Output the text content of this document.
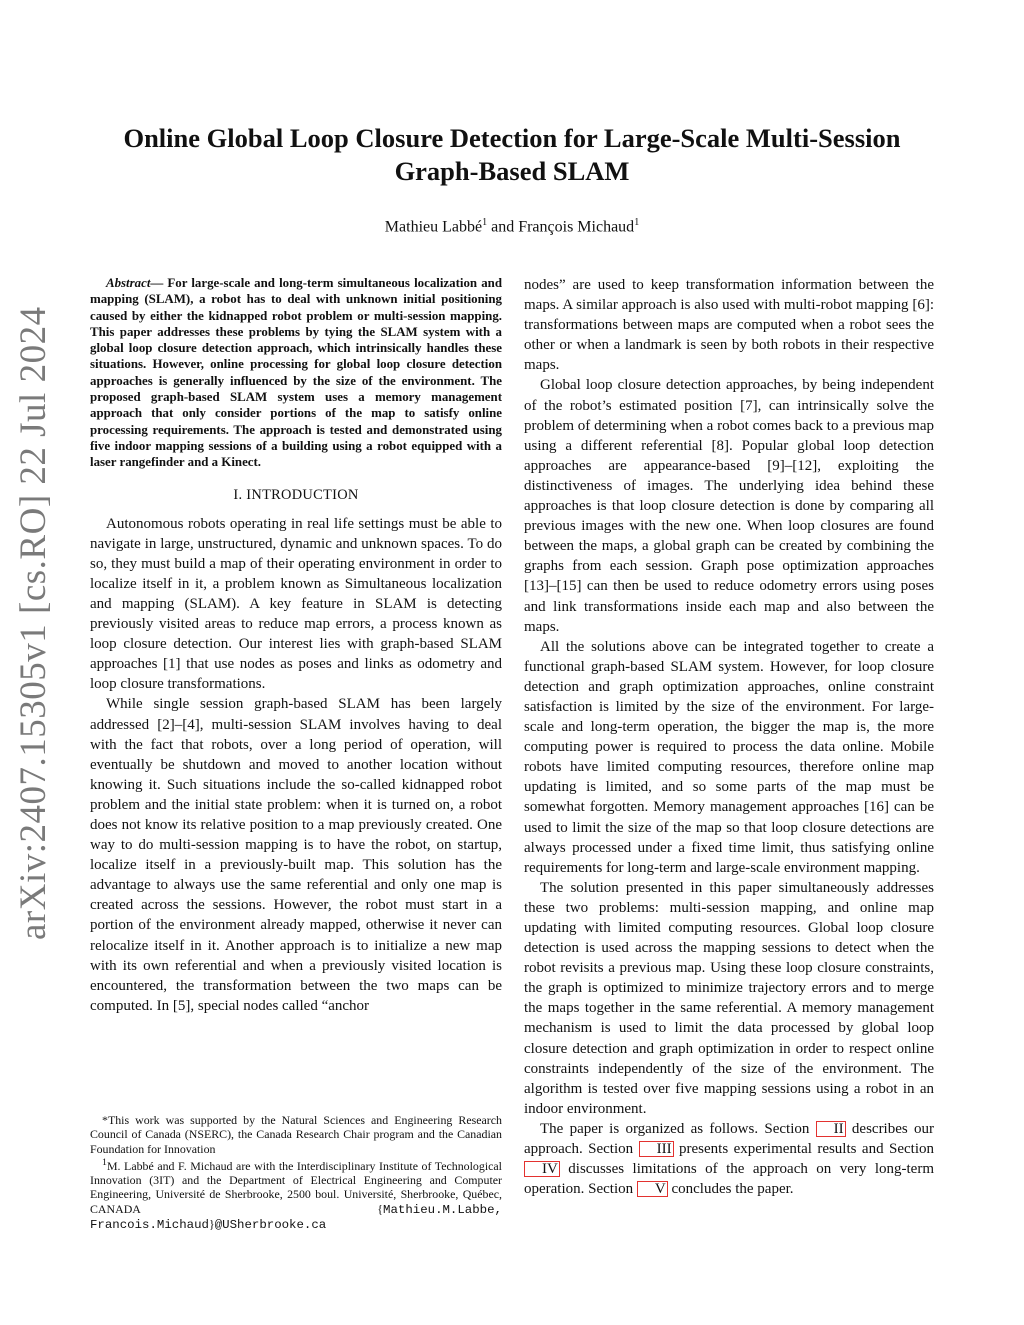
arXiv:2407.15305v1 [cs.RO] 22 Jul 2024
Online Global Loop Closure Detection for Large-Scale Multi-Session Graph-Based SLAM
Mathieu Labbé$^1$ and François Michaud$^1$

Abstract— For large-scale and long-term simultaneous localization and mapping (SLAM), a robot has to deal with unknown initial positioning caused by either the kidnapped robot problem or multi-session mapping. This paper addresses these problems by tying the SLAM system with a global loop closure detection approach, which intrinsically handles these situations. However, online processing for global loop closure detection approaches is generally influenced by the size of the environment. The proposed graph-based SLAM system uses a memory management approach that only consider portions of the map to satisfy online processing requirements. The approach is tested and demonstrated using five indoor mapping sessions of a building using a robot equipped with a laser rangefinder and a Kinect.

I. INTRODUCTION

Autonomous robots operating in real life settings must be able to navigate in large, unstructured, dynamic and unknown spaces. To do so, they must build a map of their operating environment in order to localize itself in it, a problem known as Simultaneous localization and mapping (SLAM). A key feature in SLAM is detecting previously visited areas to reduce map errors, a process known as loop closure detection. Our interest lies with graph-based SLAM approaches [1] that use nodes as poses and links as odometry and loop closure transformations.

While single session graph-based SLAM has been largely addressed [2]–[4], multi-session SLAM involves having to deal with the fact that robots, over a long period of operation, will eventually be shutdown and moved to another location without knowing it. Such situations include the so-called kidnapped robot problem and the initial state problem: when it is turned on, a robot does not know its relative position to a map previously created. One way to do multi-session mapping is to have the robot, on startup, localize itself in a previously-built map. This solution has the advantage to always use the same referential and only one map is created across the sessions. However, the robot must start in a portion of the environment already mapped, otherwise it never can relocalize itself in it. Another approach is to initialize a new map with its own referential and when a previously visited location is encountered, the transformation between the two maps can be computed. In [5], special nodes called “anchor

*This work was supported by the Natural Sciences and Engineering Research Council of Canada (NSERC), the Canada Research Chair program and the Canadian Foundation for Innovation

$^1$M. Labbé and F. Michaud are with the Interdisciplinary Institute of Technological Innovation (3IT) and the Department of Electrical Engineering and Computer Engineering, Université de Sherbrooke, 2500 boul. Université, Sherbrooke, Québec, CANADA {Mathieu.M.Labbe, Francois.Michaud}@USherbrooke.ca

nodes” are used to keep transformation information between the maps. A similar approach is also used with multi-robot mapping [6]: transformations between maps are computed when a robot sees the other or when a landmark is seen by both robots in their respective maps.

Global loop closure detection approaches, by being independent of the robot’s estimated position [7], can intrinsically solve the problem of determining when a robot comes back to a previous map using a different referential [8]. Popular global loop detection approaches are appearance-based [9]–[12], exploiting the distinctiveness of images. The underlying idea behind these approaches is that loop closure detection is done by comparing all previous images with the new one. When loop closures are found between the maps, a global graph can be created by combining the graphs from each session. Graph pose optimization approaches [13]–[15] can then be used to reduce odometry errors using poses and link transformations inside each map and also between the maps.

All the solutions above can be integrated together to create a functional graph-based SLAM system. However, for loop closure detection and graph optimization approaches, online constraint satisfaction is limited by the size of the environment. For large-scale and long-term operation, the bigger the map is, the more computing power is required to process the data online. Mobile robots have limited computing resources, therefore online map updating is limited, and so some parts of the map must be somewhat forgotten. Memory management approaches [16] can be used to limit the size of the map so that loop closure detections are always processed under a fixed time limit, thus satisfying online requirements for long-term and large-scale environment mapping.

The solution presented in this paper simultaneously addresses these two problems: multi-session mapping, and online map updating with limited computing resources. Global loop closure detection is used across the mapping sessions to detect when the robot revisits a previous map. Using these loop closure constraints, the graph is optimized to minimize trajectory errors and to merge the maps together in the same referential. A memory management mechanism is used to limit the data processed by global loop closure detection and graph optimization in order to respect online constraints independently of the size of the environment. The algorithm is tested over five mapping sessions using a robot in an indoor environment.

The paper is organized as follows. Section II describes our approach. Section III presents experimental results and Section IV discusses limitations of the approach on very long-term operation. Section V concludes the paper.
